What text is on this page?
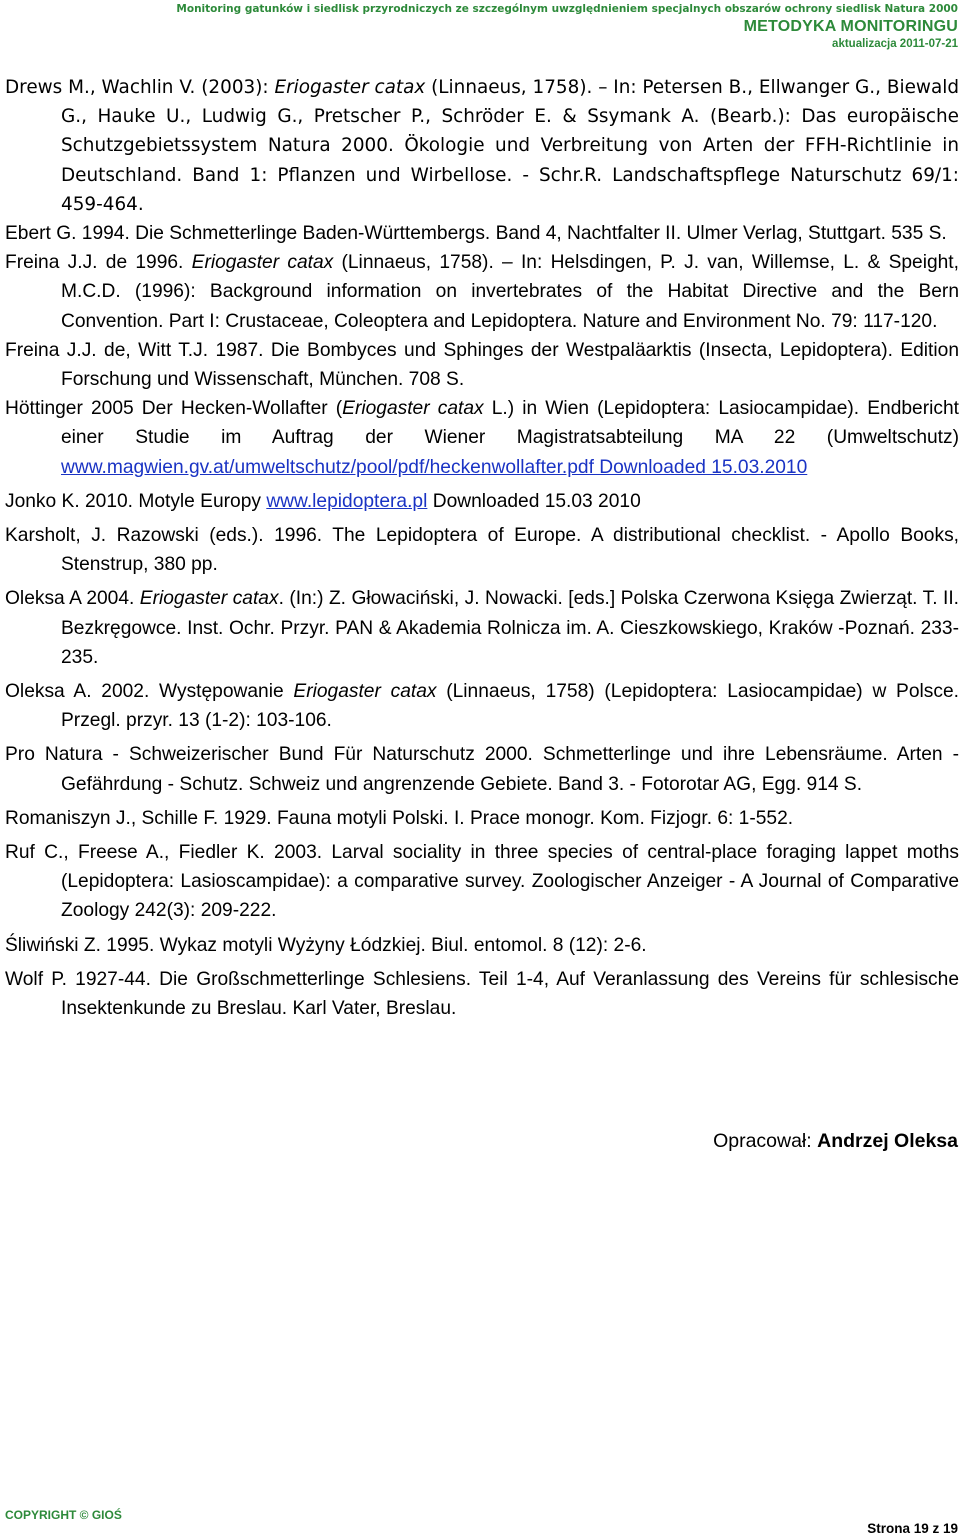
Monitoring gatunków i siedlisk przyrodniczych ze szczególnym uwzględnieniem specjalnych obszarów ochrony siedlisk Natura 2000
METODYKA MONITORINGU
aktualizacja 2011-07-21

Drews M., Wachlin V. (2003): Eriogaster catax (Linnaeus, 1758). – In: Petersen B., Ellwanger G., Biewald G., Hauke U., Ludwig G., Pretscher P., Schröder E. & Ssymank A. (Bearb.): Das europäische Schutzgebietssystem Natura 2000. Ökologie und Verbreitung von Arten der FFH-Richtlinie in Deutschland. Band 1: Pflanzen und Wirbellose. - Schr.R. Landschaftspflege Naturschutz 69/1: 459-464.

Ebert G. 1994. Die Schmetterlinge Baden-Württembergs. Band 4, Nachtfalter II. Ulmer Verlag, Stuttgart. 535 S.

Freina J.J. de 1996. Eriogaster catax (Linnaeus, 1758). – In: Helsdingen, P. J. van, Willemse, L. & Speight, M.C.D. (1996): Background information on invertebrates of the Habitat Directive and the Bern Convention. Part I: Crustaceae, Coleoptera and Lepidoptera. Nature and Environment No. 79: 117-120.

Freina J.J. de, Witt T.J. 1987. Die Bombyces und Sphinges der Westpaläarktis (Insecta, Lepidoptera). Edition Forschung und Wissenschaft, München. 708 S.

Höttinger 2005 Der Hecken-Wollafter (Eriogaster catax L.) in Wien (Lepidoptera: Lasiocampidae). Endbericht einer Studie im Auftrag der Wiener Magistratsabteilung MA 22 (Umweltschutz) www.magwien.gv.at/umweltschutz/pool/pdf/heckenwollafter.pdf Downloaded 15.03.2010

Jonko K. 2010. Motyle Europy www.lepidoptera.pl Downloaded 15.03 2010

Karsholt, J. Razowski (eds.). 1996. The Lepidoptera of Europe. A distributional checklist. - Apollo Books, Stenstrup, 380 pp.

Oleksa A 2004. Eriogaster catax. (In:) Z. Głowaciński, J. Nowacki. [eds.] Polska Czerwona Księga Zwierząt. T. II. Bezkręgowce. Inst. Ochr. Przyr. PAN & Akademia Rolnicza im. A. Cieszkowskiego, Kraków -Poznań. 233-235.

Oleksa A. 2002. Występowanie Eriogaster catax (Linnaeus, 1758) (Lepidoptera: Lasiocampidae) w Polsce. Przegl. przyr. 13 (1-2): 103-106.

Pro Natura - Schweizerischer Bund Für Naturschutz 2000. Schmetterlinge und ihre Lebensräume. Arten - Gefährdung - Schutz. Schweiz und angrenzende Gebiete. Band 3. - Fotorotar AG, Egg. 914 S.

Romaniszyn J., Schille F. 1929. Fauna motyli Polski. I. Prace monogr. Kom. Fizjogr. 6: 1-552.

Ruf C., Freese A., Fiedler K. 2003. Larval sociality in three species of central-place foraging lappet moths (Lepidoptera: Lasioscampidae): a comparative survey. Zoologischer Anzeiger - A Journal of Comparative Zoology 242(3): 209-222.

Śliwiński Z. 1995. Wykaz motyli Wyżyny Łódzkiej. Biul. entomol. 8 (12): 2-6.

Wolf P. 1927-44. Die Großschmetterlinge Schlesiens. Teil 1-4, Auf Veranlassung des Vereins für schlesische Insektenkunde zu Breslau. Karl Vater, Breslau.

Opracował: Andrzej Oleksa
COPYRIGHT © GIOŚ
Strona 19 z 19
